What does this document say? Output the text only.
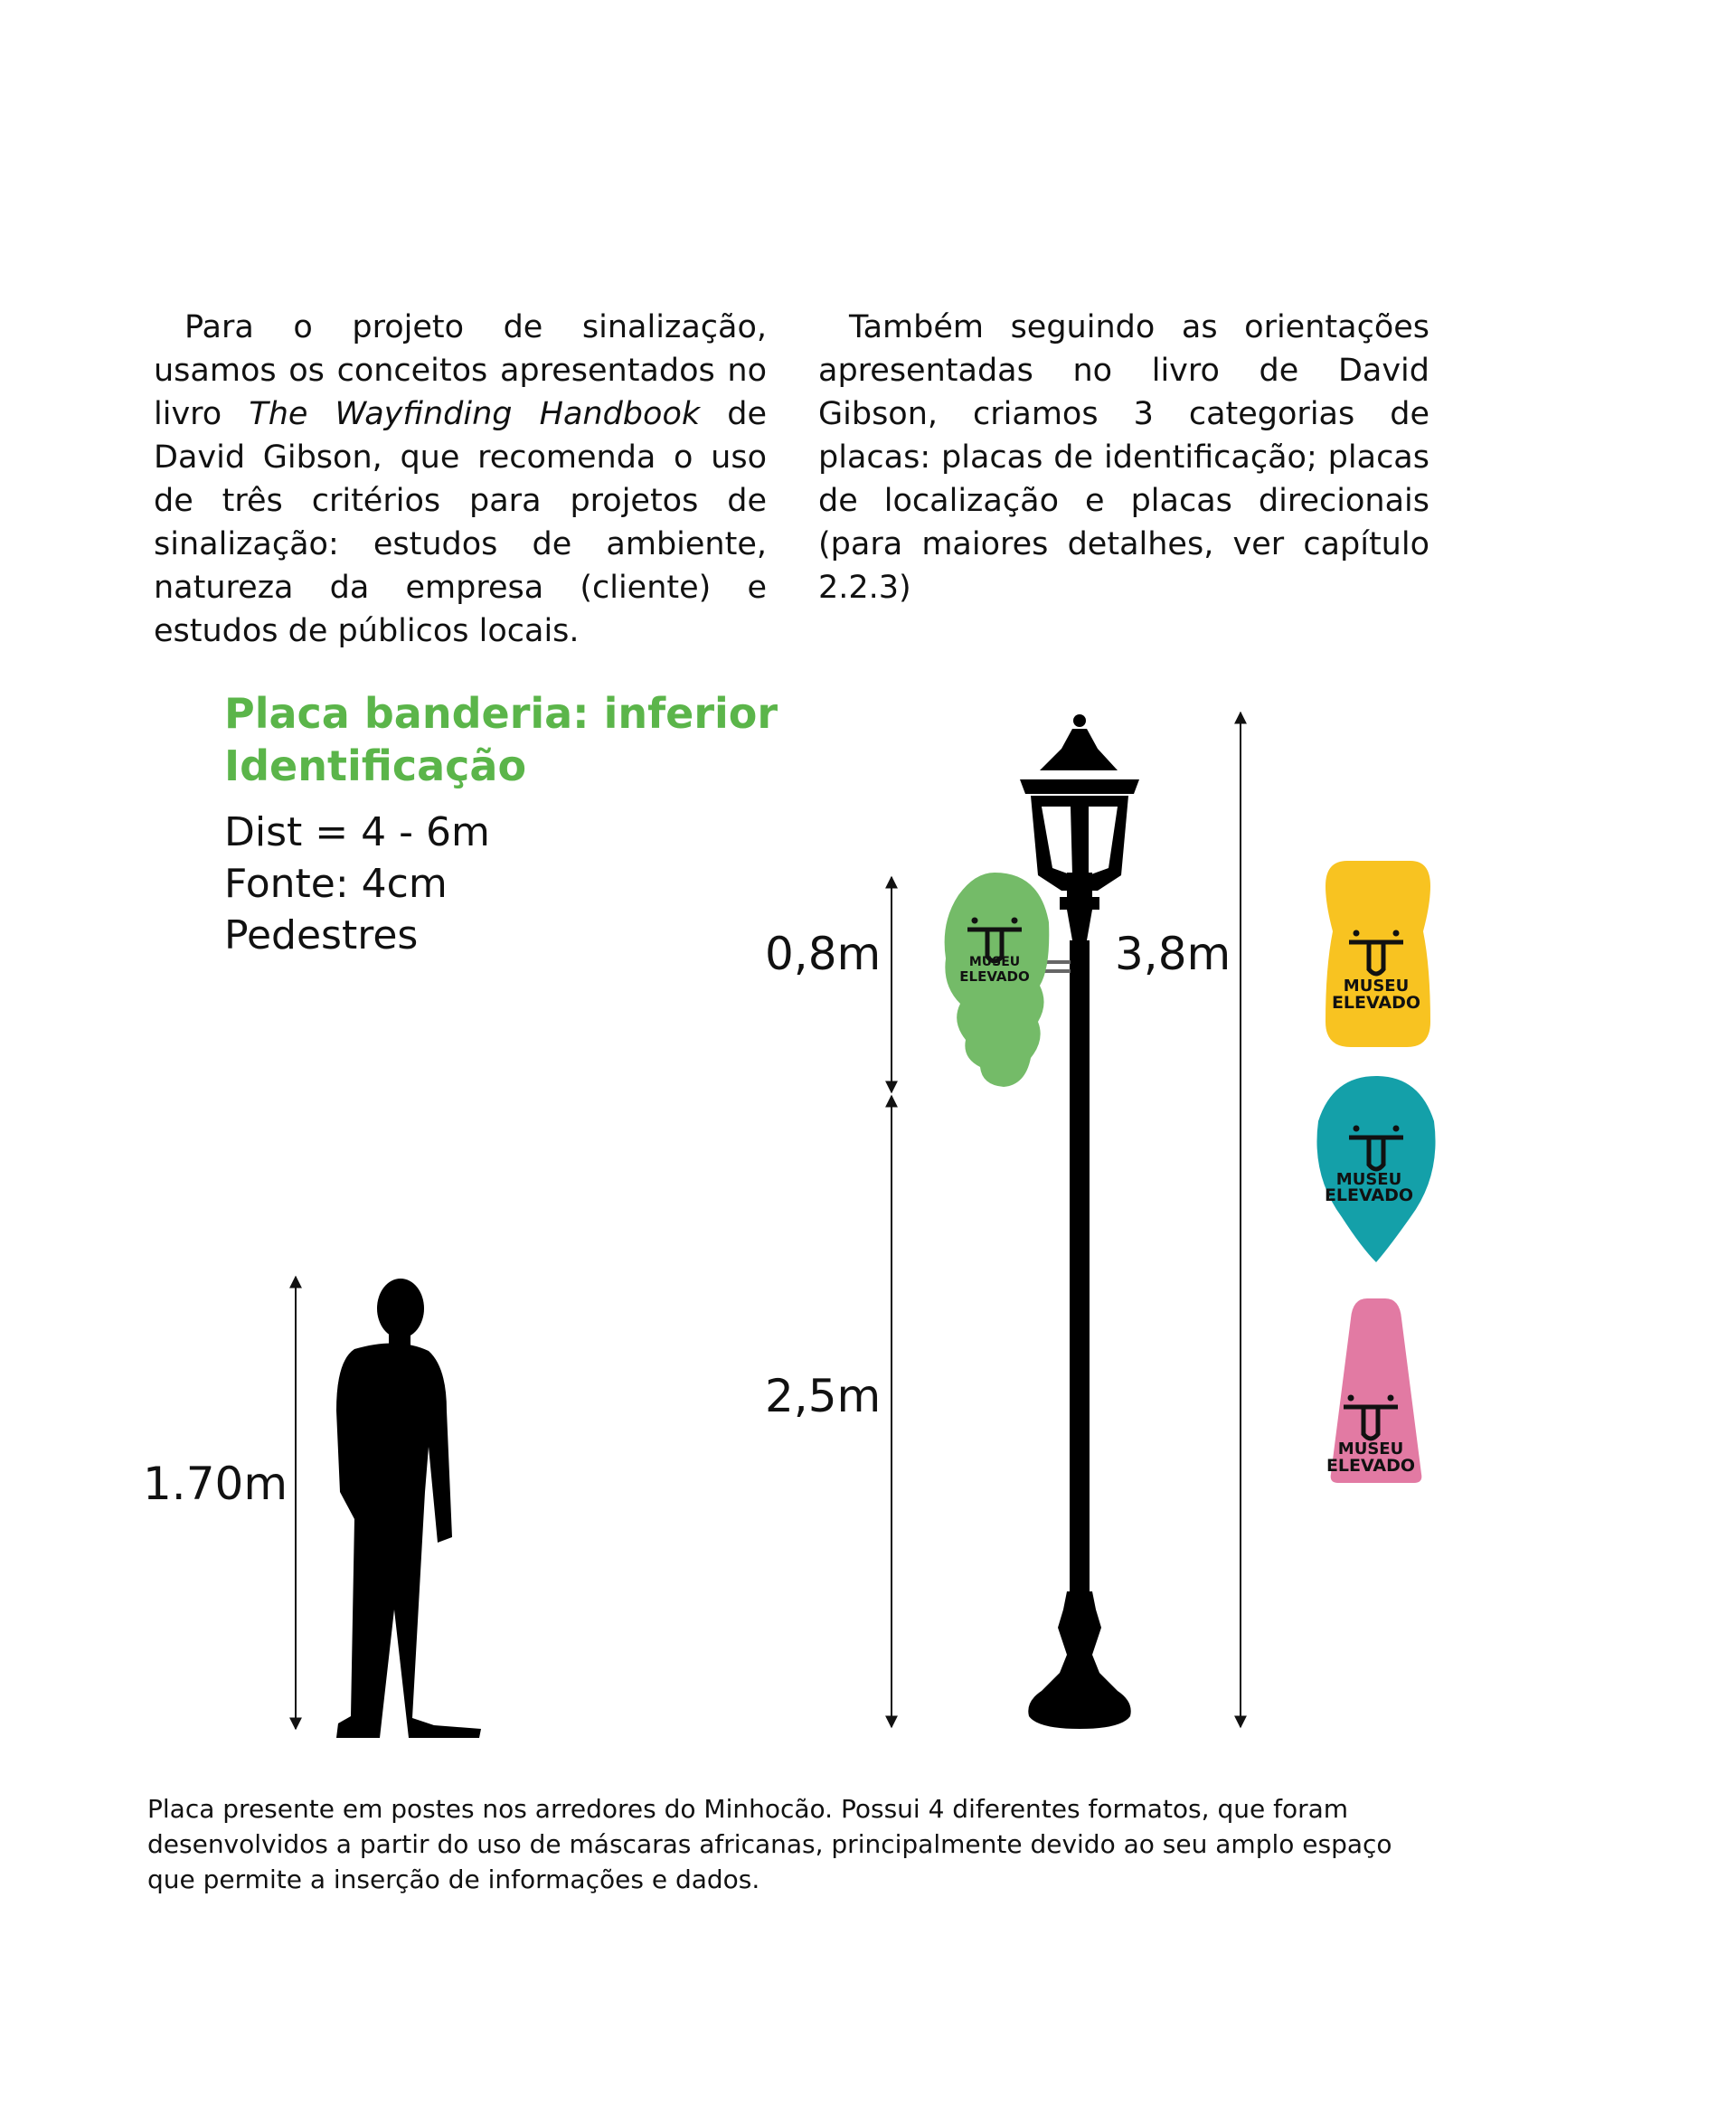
Para o projeto de sinalização, usamos os conceitos apresentados no livro The Wayfinding Handbook de David Gibson, que recomenda o uso de três critérios para projetos de sinalização: estudos de ambiente, natureza da empresa (cliente) e estudos de públicos locais.

Também seguindo as orientações apresentadas no livro de David Gibson, criamos 3 categorias de placas: placas de identificação; placas de localização e placas direcionais (para maiores detalhes, ver capítulo 2.2.3)

Placa banderia: inferior
Identificação
Dist = 4 - 6m
Fonte: 4cm
Pedestres
1.70m
0,8m
2,5m
3,8m
MUSEU
ELEVADO	MUSEU
ELEVADO
MUSEU
ELEVADO
MUSEU
ELEVADO

Placa presente em postes nos arredores do Minhocão. Possui 4 diferentes formatos, que foram desenvolvidos a partir do uso de máscaras africanas, principalmente devido ao seu amplo espaço que permite a inserção de informações e dados.
